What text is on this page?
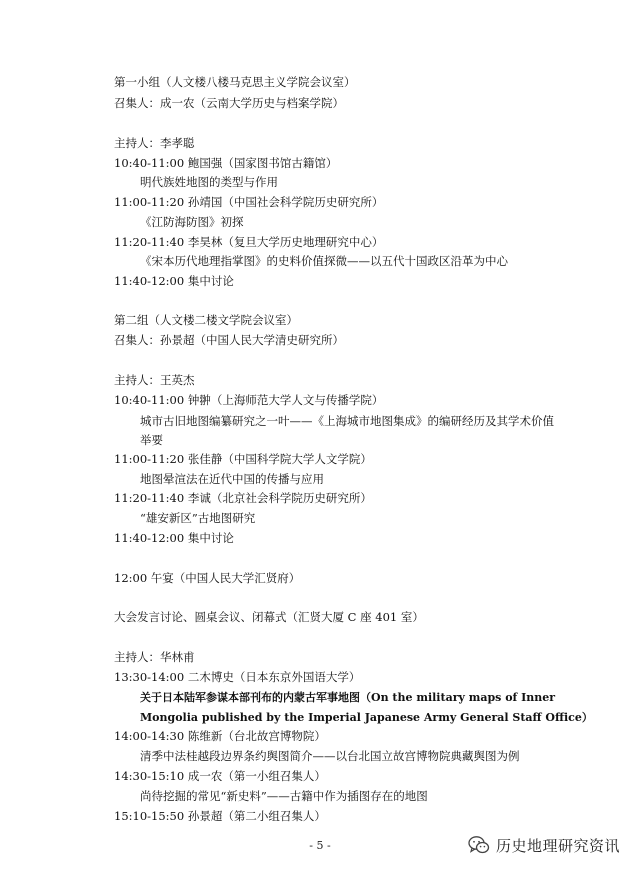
第一小组（人文楼八楼马克思主义学院会议室）
召集人：成一农（云南大学历史与档案学院）
主持人：李孝聪
10:40-11:00 鲍国强（国家图书馆古籍馆）
明代族姓地图的类型与作用
11:00-11:20 孙靖国（中国社会科学院历史研究所）
《江防海防图》初探
11:20-11:40 李昊林（复旦大学历史地理研究中心）
《宋本历代地理指掌图》的史料价值探微——以五代十国政区沿革为中心
11:40-12:00 集中讨论
第二组（人文楼二楼文学院会议室）
召集人：孙景超（中国人民大学清史研究所）
主持人：王英杰
10:40-11:00 钟翀（上海师范大学人文与传播学院）
城市古旧地图编纂研究之一叶——《上海城市地图集成》的编研经历及其学术价值举要
11:00-11:20 张佳静（中国科学院大学人文学院）
地图晕渲法在近代中国的传播与应用
11:20-11:40 李诚（北京社会科学院历史研究所）
“雄安新区”古地图研究
11:40-12:00 集中讨论
12:00 午宴（中国人民大学汇贤府）
大会发言讨论、圆桌会议、闭幕式（汇贤大厦 C 座 401 室）
主持人：华林甫
13:30-14:00 二木博史（日本东京外国语大学）
关于日本陆军参谋本部刊布的内蒙古军事地图（On the military maps of Inner
Mongolia published by the Imperial Japanese Army General Staff Office）
14:00-14:30 陈维新（台北故宫博物院）
清季中法桂越段边界条约舆图简介——以台北国立故宫博物院典藏舆图为例
14:30-15:10 成一农（第一小组召集人）
尚待挖掘的常见“新史料”——古籍中作为插图存在的地图
15:10-15:50 孙景超（第二小组召集人）
- 5 -	历史地理研究资讯
